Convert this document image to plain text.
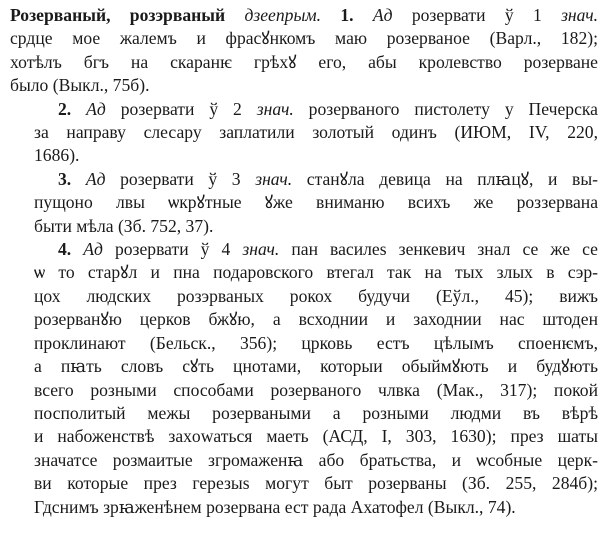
Розерваный, розэрваный дзеепрым. 1. Ад розервати ў 1 знач.
срдце мое жалемъ и фрасꙋнкомъ маю розерваное (Варл., 182);
хотѣлъ бгъ на скаранѥ грѣхꙋ его, абы кролевство розерване
было (Выкл., 75б).
2. Ад розервати ў 2 знач. розерваного пистолету у Печерска
за направу слесару заплатили золотый одинъ (ИЮМ, IV, 220,
1686).
3. Ад розервати ў 3 знач. станꙋла девица на плꙗцꙋ, и вы-
пущоно лвы ѡкрꙋтные ꙋже вниманю всихъ же роззервана
быти мѣла (Зб. 752, 37).
4. Ад розервати ў 4 знач. пан василеѕ зенкевич знал се же се
ѡ то старꙋл и пна подаровского втегал так на тых злых в сэр-
цох людских розэрваных рокох будучи (Еўл., 45); вижъ
розерванꙋю церков бжꙋю, а всходнии и заходнии нас штоден
проклинают (Бельск., 356); црковь естъ цѣлымъ споенѥмъ,
а пꙗть словъ сꙋть цнотами, которыи обыймꙋють и будꙋють
всего розными способами розерваного члвка (Мак., 317); покой
посполитый межы розерваными а розными людми въ вѣрѣ
и набоженствѣ захowаться маеть (АСД, I, 303, 1630); през шаты
значатсе розмаитые згромаженꙗ або братьства, и ѡсобные церк-
ви которые през герезыѕ могут быт розерваны (Зб. 255, 284б);
Гдснимъ зрꙗженѣнем розервана ест рада Ахатофел (Выкл., 74).
